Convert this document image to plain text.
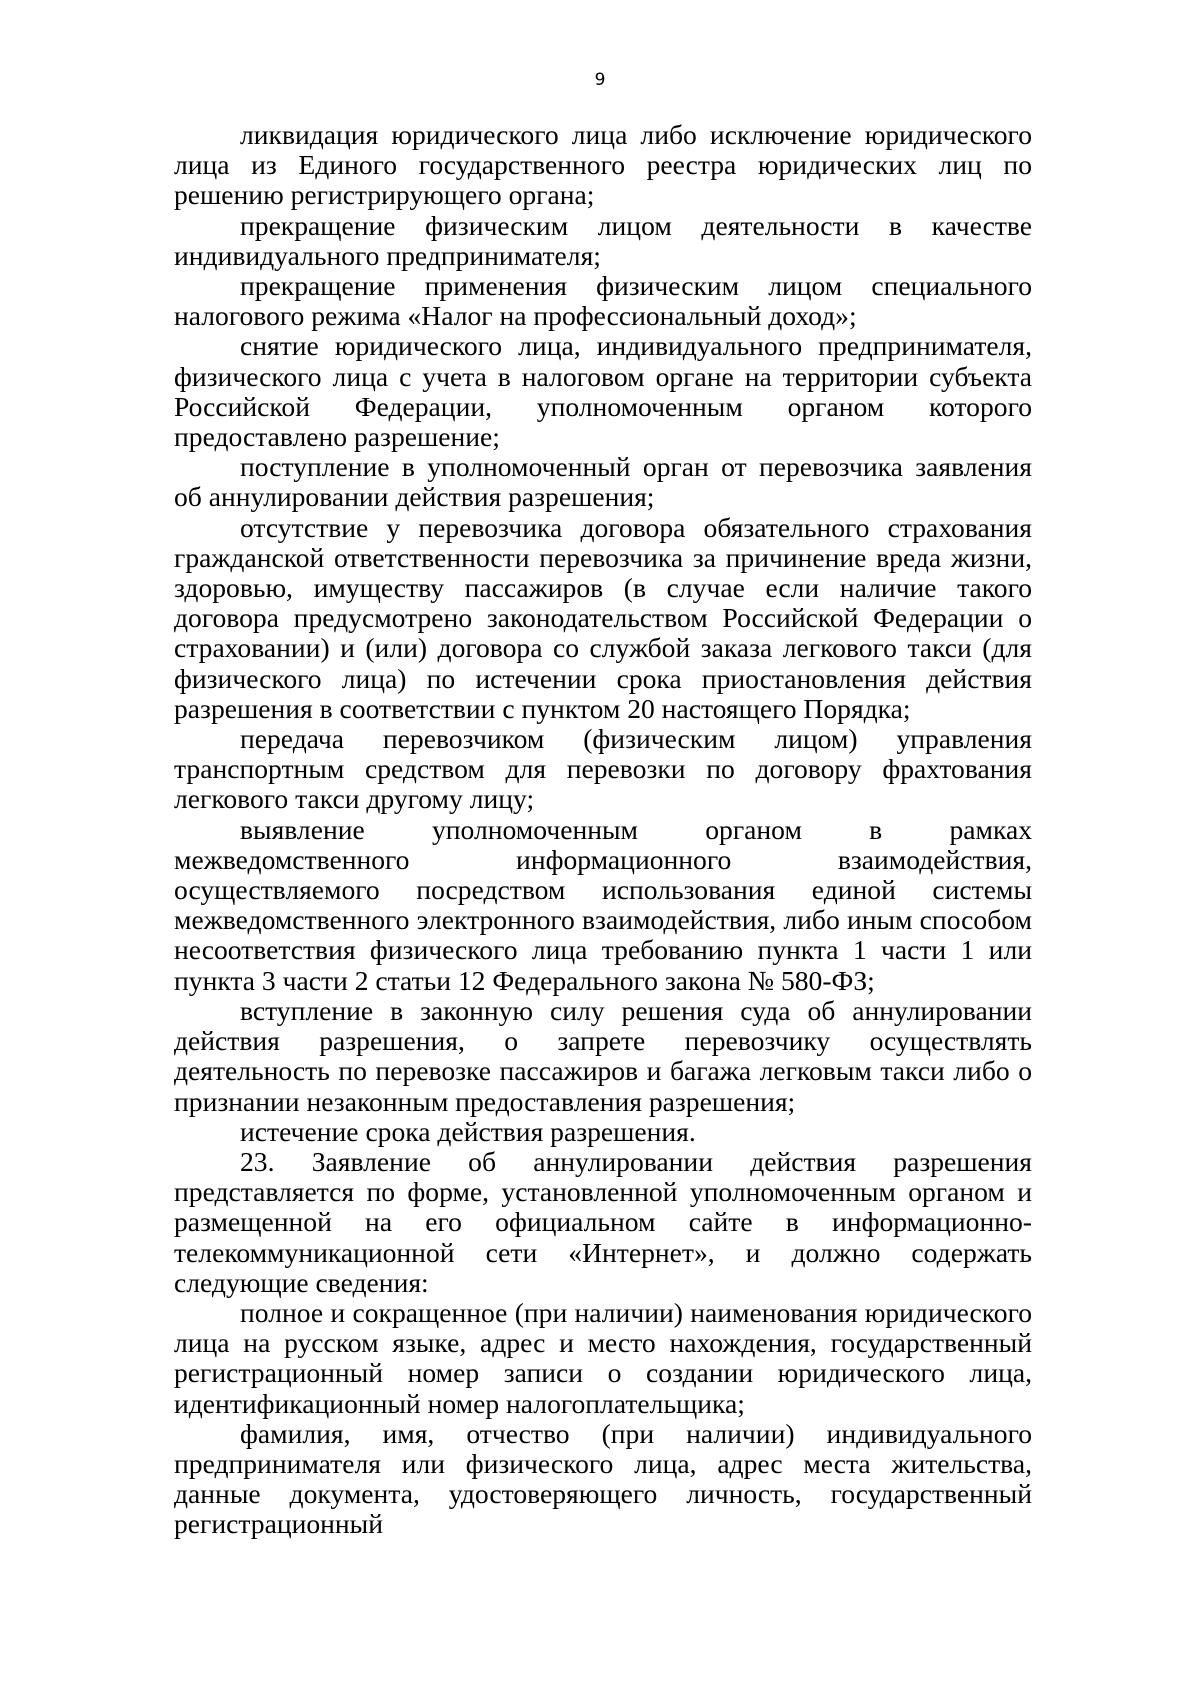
9

ликвидация юридического лица либо исключение юридического лица из Единого государственного реестра юридических лиц по решению регистрирующего органа;

прекращение физическим лицом деятельности в качестве индивидуального предпринимателя;

прекращение применения физическим лицом специального налогового режима «Налог на профессиональный доход»;

снятие юридического лица, индивидуального предпринимателя, физического лица с учета в налоговом органе на территории субъекта Российской Федерации, уполномоченным органом которого предоставлено разрешение;

поступление в уполномоченный орган от перевозчика заявления об аннулировании действия разрешения;

отсутствие у перевозчика договора обязательного страхования гражданской ответственности перевозчика за причинение вреда жизни, здоровью, имуществу пассажиров (в случае если наличие такого договора предусмотрено законодательством Российской Федерации о страховании) и (или) договора со службой заказа легкового такси (для физического лица) по истечении срока приостановления действия разрешения в соответствии с пунктом 20 настоящего Порядка;

передача перевозчиком (физическим лицом) управления транспортным средством для перевозки по договору фрахтования легкового такси другому лицу;

выявление уполномоченным органом в рамках межведомственного информационного взаимодействия, осуществляемого посредством использования единой системы межведомственного электронного взаимодействия, либо иным способом несоответствия физического лица требованию пункта 1 части 1 или пункта 3 части 2 статьи 12 Федерального закона № 580-ФЗ;

вступление в законную силу решения суда об аннулировании действия разрешения, о запрете перевозчику осуществлять деятельность по перевозке пассажиров и багажа легковым такси либо о признании незаконным предоставления разрешения;

истечение срока действия разрешения.

23. Заявление об аннулировании действия разрешения представляется по форме, установленной уполномоченным органом и размещенной на его официальном сайте в информационно-телекоммуникационной сети «Интернет», и должно содержать следующие сведения:

полное и сокращенное (при наличии) наименования юридического лица на русском языке, адрес и место нахождения, государственный регистрационный номер записи о создании юридического лица, идентификационный номер налогоплательщика;

фамилия, имя, отчество (при наличии) индивидуального предпринимателя или физического лица, адрес места жительства, данные документа, удостоверяющего личность, государственный регистрационный
